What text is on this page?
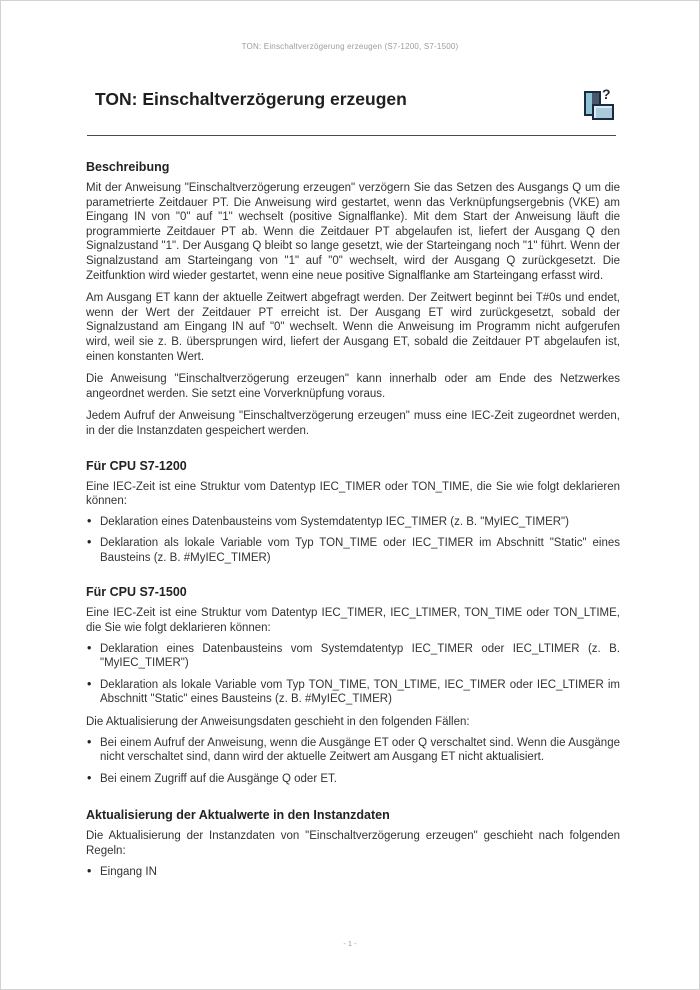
TON: Einschaltverzögerung erzeugen (S7-1200, S7-1500)
TON: Einschaltverzögerung erzeugen	?
Beschreibung

Mit der Anweisung "Einschaltverzögerung erzeugen" verzögern Sie das Setzen des Ausgangs Q um die parametrierte Zeitdauer PT. Die Anweisung wird gestartet, wenn das Verknüpfungsergebnis (VKE) am Eingang IN von "0" auf "1" wechselt (positive Signalflanke). Mit dem Start der Anweisung läuft die programmierte Zeitdauer PT ab. Wenn die Zeitdauer PT abgelaufen ist, liefert der Ausgang Q den Signalzustand "1". Der Ausgang Q bleibt so lange gesetzt, wie der Starteingang noch "1" führt. Wenn der Signalzustand am Starteingang von "1" auf "0" wechselt, wird der Ausgang Q zurückgesetzt. Die Zeitfunktion wird wieder gestartet, wenn eine neue positive Signalflanke am Starteingang erfasst wird.

Am Ausgang ET kann der aktuelle Zeitwert abgefragt werden. Der Zeitwert beginnt bei T#0s und endet, wenn der Wert der Zeitdauer PT erreicht ist. Der Ausgang ET wird zurückgesetzt, sobald der Signalzustand am Eingang IN auf "0" wechselt. Wenn die Anweisung im Programm nicht aufgerufen wird, weil sie z. B. übersprungen wird, liefert der Ausgang ET, sobald die Zeitdauer PT abgelaufen ist, einen konstanten Wert.

Die Anweisung "Einschaltverzögerung erzeugen" kann innerhalb oder am Ende des Netzwerkes angeordnet werden. Sie setzt eine Vorverknüpfung voraus.

Jedem Aufruf der Anweisung "Einschaltverzögerung erzeugen" muss eine IEC-Zeit zugeordnet werden, in der die Instanzdaten gespeichert werden.

Für CPU S7-1200

Eine IEC-Zeit ist eine Struktur vom Datentyp IEC_TIMER oder TON_TIME, die Sie wie folgt deklarieren können:

• Deklaration eines Datenbausteins vom Systemdatentyp IEC_TIMER (z. B. "MyIEC_TIMER")
• Deklaration als lokale Variable vom Typ TON_TIME oder IEC_TIMER im Abschnitt "Static" eines Bausteins (z. B. #MyIEC_TIMER)
Für CPU S7-1500

Eine IEC-Zeit ist eine Struktur vom Datentyp IEC_TIMER, IEC_LTIMER, TON_TIME oder TON_LTIME, die Sie wie folgt deklarieren können:

• Deklaration eines Datenbausteins vom Systemdatentyp IEC_TIMER oder IEC_LTIMER (z. B. "MyIEC_TIMER")
• Deklaration als lokale Variable vom Typ TON_TIME, TON_LTIME, IEC_TIMER oder IEC_LTIMER im Abschnitt "Static" eines Bausteins (z. B. #MyIEC_TIMER)

Die Aktualisierung der Anweisungsdaten geschieht in den folgenden Fällen:

• Bei einem Aufruf der Anweisung, wenn die Ausgänge ET oder Q verschaltet sind. Wenn die Ausgänge nicht verschaltet sind, dann wird der aktuelle Zeitwert am Ausgang ET nicht aktualisiert.
• Bei einem Zugriff auf die Ausgänge Q oder ET.
Aktualisierung der Aktualwerte in den Instanzdaten

Die Aktualisierung der Instanzdaten von "Einschaltverzögerung erzeugen" geschieht nach folgenden Regeln:

• Eingang IN
- 1 -
